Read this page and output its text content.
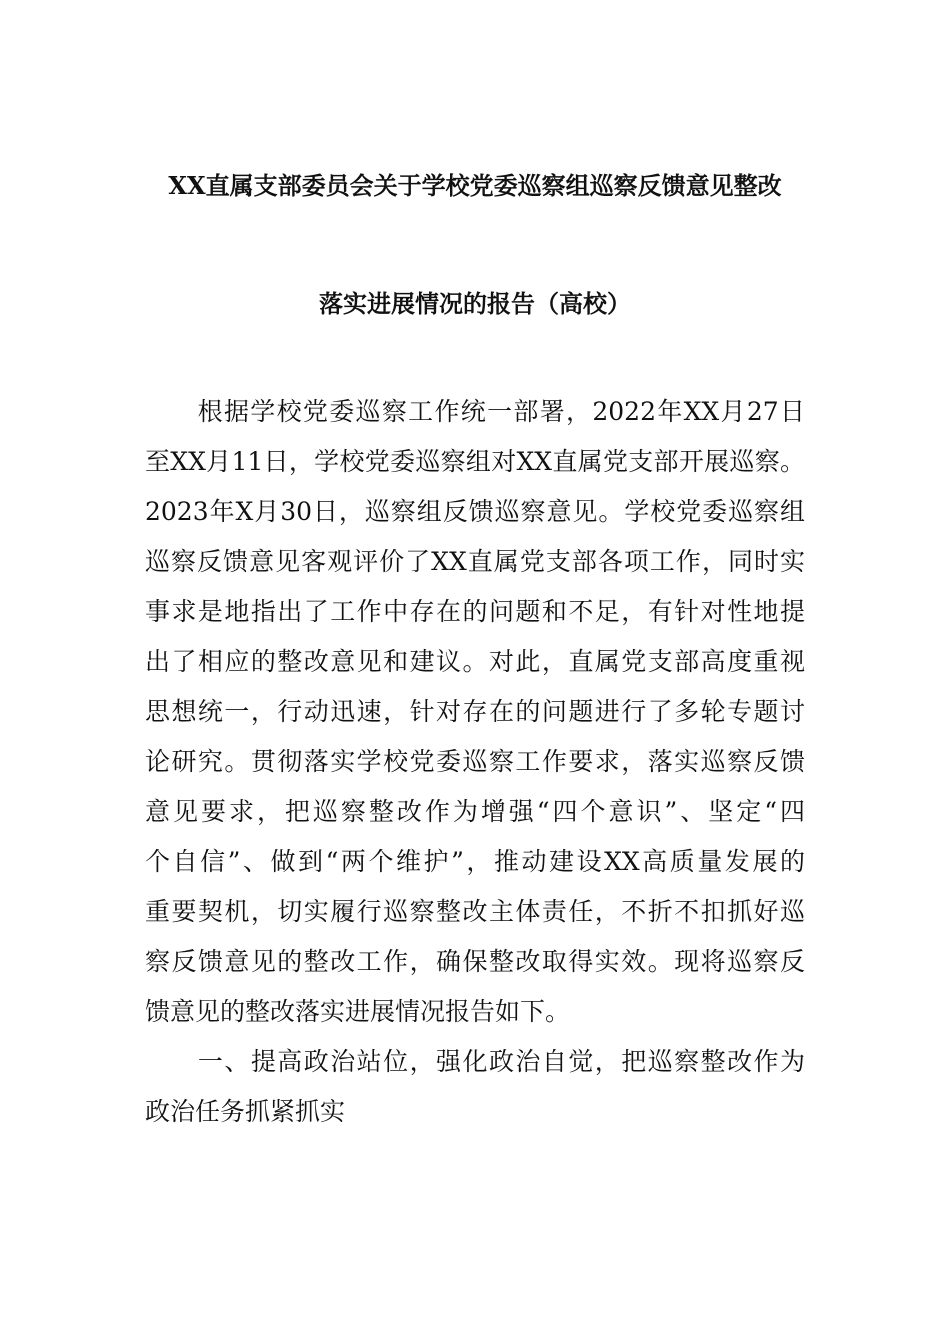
XX直属支部委员会关于学校党委巡察组巡察反馈意见整改
落实进展情况的报告（高校）
　　根据学校党委巡察工作统一部署，2022年XX月27日
至XX月11日，学校党委巡察组对XX直属党支部开展巡察。
2023年X月30日，巡察组反馈巡察意见。学校党委巡察组
巡察反馈意见客观评价了XX直属党支部各项工作，同时实
事求是地指出了工作中存在的问题和不足，有针对性地提
出了相应的整改意见和建议。对此，直属党支部高度重视
思想统一，行动迅速，针对存在的问题进行了多轮专题讨
论研究。贯彻落实学校党委巡察工作要求，落实巡察反馈
意见要求，把巡察整改作为增强“四个意识”、坚定“四
个自信”、做到“两个维护”，推动建设XX高质量发展的
重要契机，切实履行巡察整改主体责任，不折不扣抓好巡
察反馈意见的整改工作，确保整改取得实效。现将巡察反
馈意见的整改落实进展情况报告如下。
　　一、提高政治站位，强化政治自觉，把巡察整改作为
政治任务抓紧抓实
